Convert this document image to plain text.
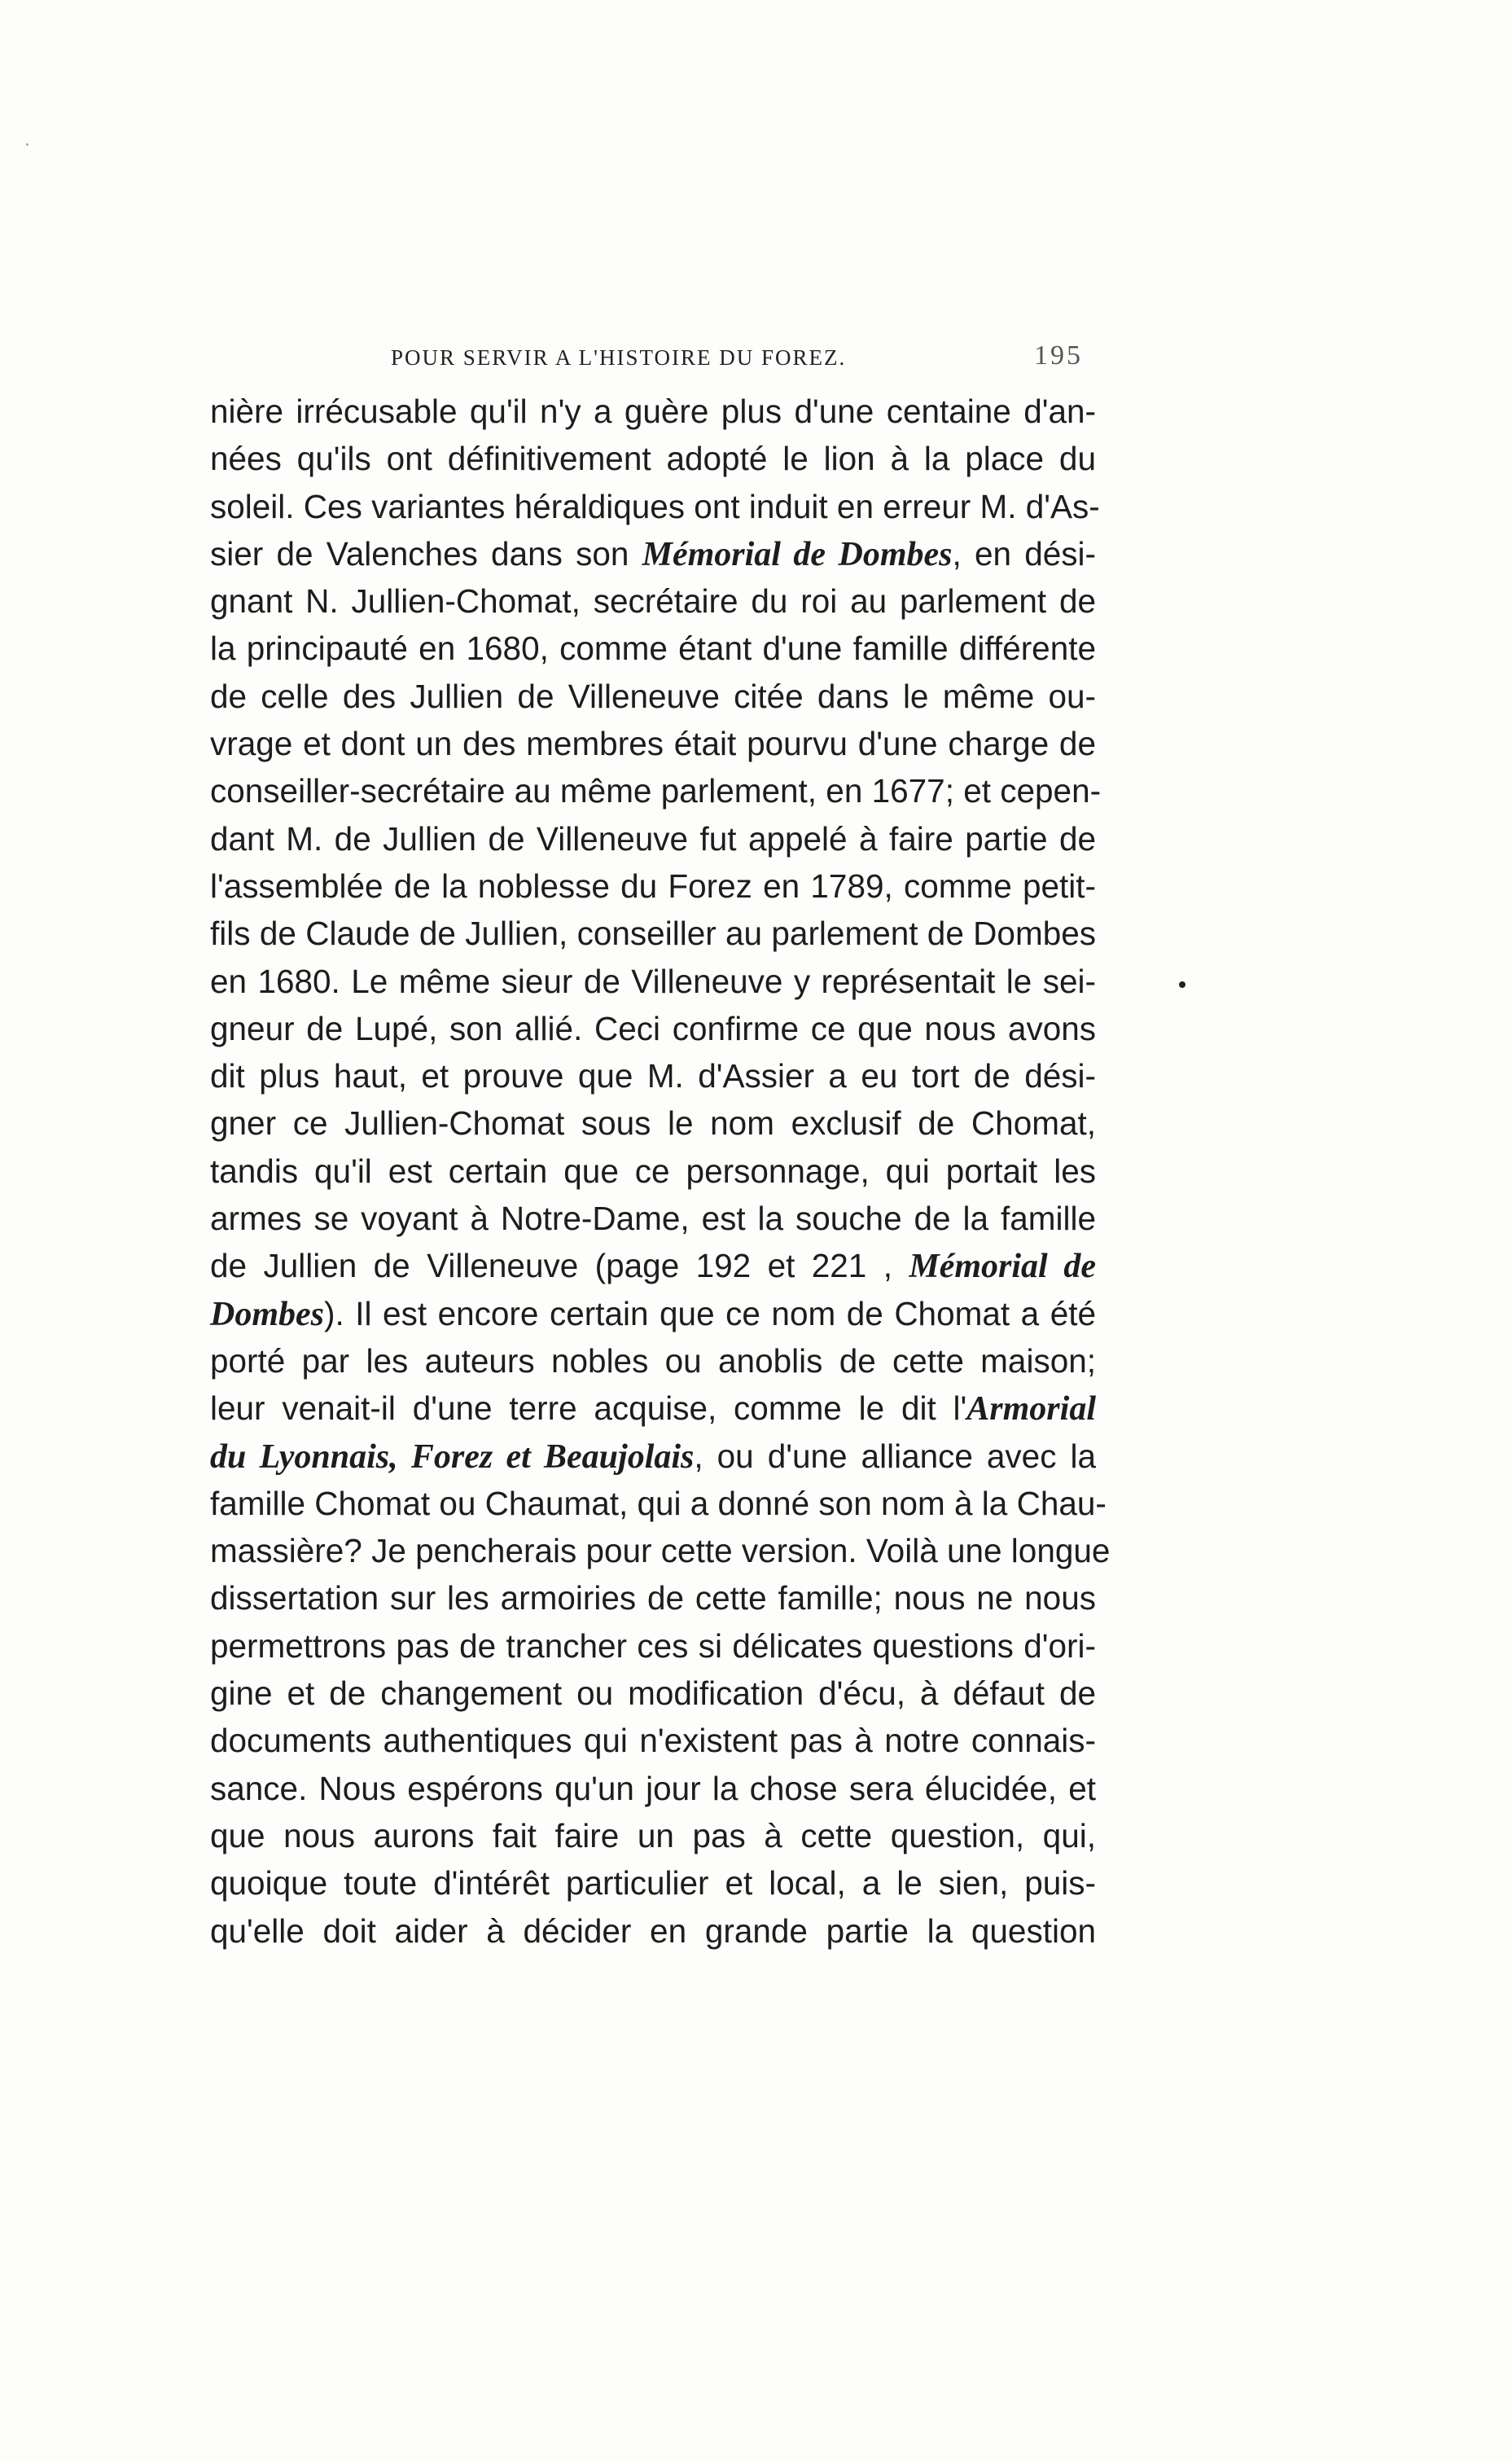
POUR SERVIR A L'HISTOIRE DU FOREZ.	195
nière irrécusable qu'il n'y a guère plus d'une centaine d'an-
nées qu'ils ont définitivement adopté le lion à la place du
soleil. Ces variantes héraldiques ont induit en erreur M. d'As-
sier de Valenches dans son Mémorial de Dombes, en dési-
gnant N. Jullien-Chomat, secrétaire du roi au parlement de
la principauté en 1680, comme étant d'une famille différente
de celle des Jullien de Villeneuve citée dans le même ou-
vrage et dont un des membres était pourvu d'une charge de
conseiller-secrétaire au même parlement, en 1677; et cepen-
dant M. de Jullien de Villeneuve fut appelé à faire partie de
l'assemblée de la noblesse du Forez en 1789, comme petit-
fils de Claude de Jullien, conseiller au parlement de Dombes
en 1680. Le même sieur de Villeneuve y représentait le sei-
gneur de Lupé, son allié. Ceci confirme ce que nous avons
dit plus haut, et prouve que M. d'Assier a eu tort de dési-
gner ce Jullien-Chomat sous le nom exclusif de Chomat,
tandis qu'il est certain que ce personnage, qui portait les
armes se voyant à Notre-Dame, est la souche de la famille
de Jullien de Villeneuve (page 192 et 221 , Mémorial de
Dombes). Il est encore certain que ce nom de Chomat a été
porté par les auteurs nobles ou anoblis de cette maison;
leur venait-il d'une terre acquise, comme le dit l'Armorial
du Lyonnais, Forez et Beaujolais, ou d'une alliance avec la
famille Chomat ou Chaumat, qui a donné son nom à la Chau-
massière? Je pencherais pour cette version. Voilà une longue
dissertation sur les armoiries de cette famille; nous ne nous
permettrons pas de trancher ces si délicates questions d'ori-
gine et de changement ou modification d'écu, à défaut de
documents authentiques qui n'existent pas à notre connais-
sance. Nous espérons qu'un jour la chose sera élucidée, et
que nous aurons fait faire un pas à cette question, qui,
quoique toute d'intérêt particulier et local, a le sien, puis-
qu'elle doit aider à décider en grande partie la question
